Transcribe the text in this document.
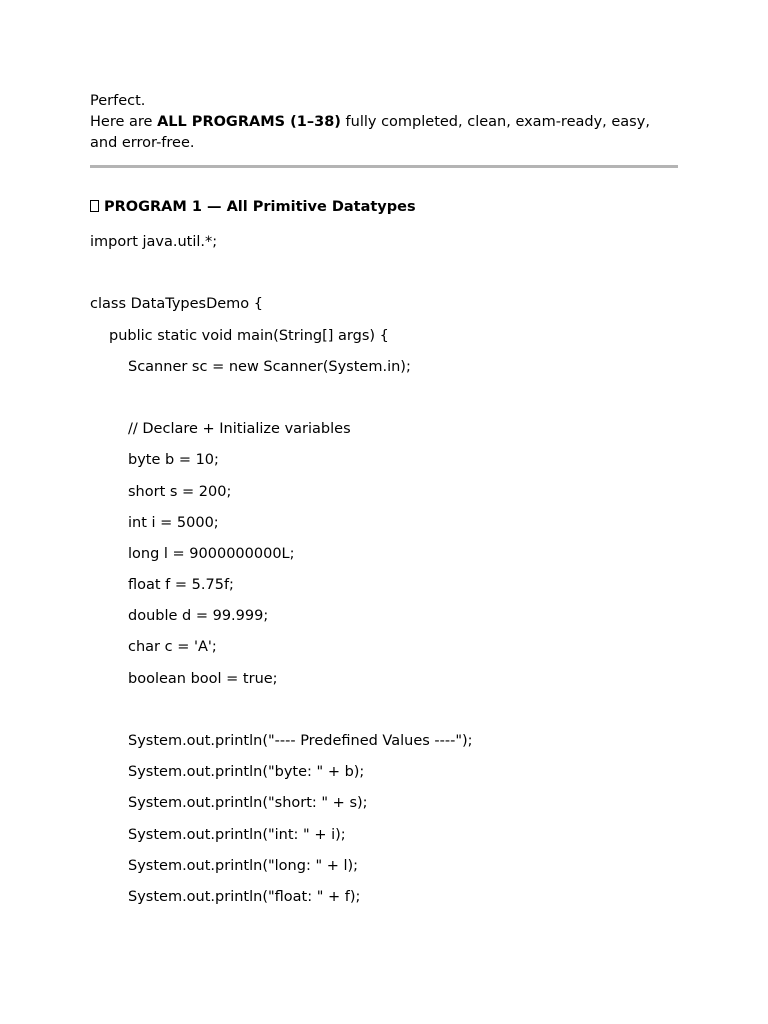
Perfect.

Here are ALL PROGRAMS (1–38) fully completed, clean, exam-ready, easy,

and error-free.

PROGRAM 1 — All Primitive Datatypes
import java.util.*;
class DataTypesDemo {
public static void main(String[] args) {
Scanner sc = new Scanner(System.in);
// Declare + Initialize variables
byte b = 10;
short s = 200;
int i = 5000;
long l = 9000000000L;
float f = 5.75f;
double d = 99.999;
char c = 'A';
boolean bool = true;
System.out.println("---- Predefined Values ----");
System.out.println("byte: " + b);
System.out.println("short: " + s);
System.out.println("int: " + i);
System.out.println("long: " + l);
System.out.println("float: " + f);
